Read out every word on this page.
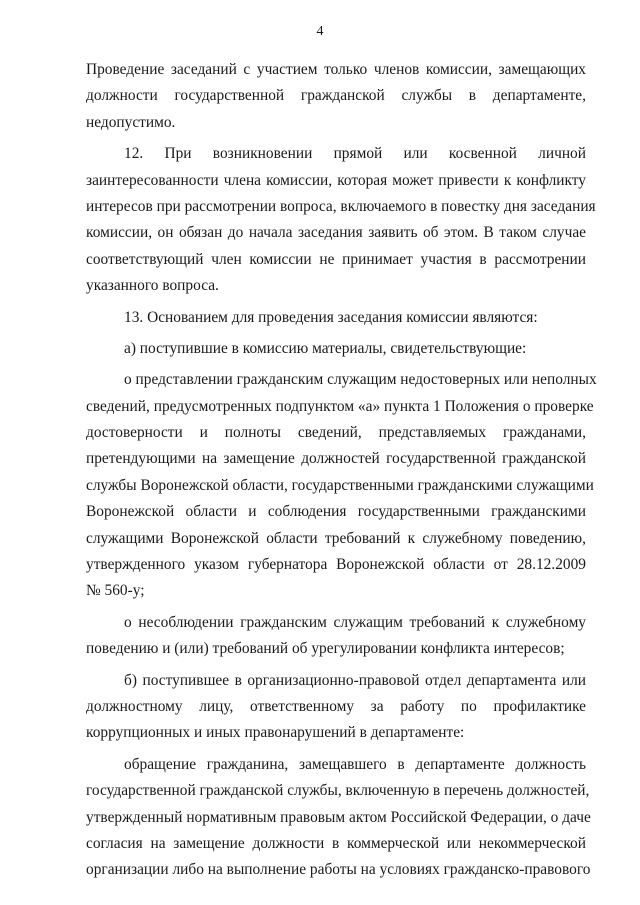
4
Проведение заседаний с участием только членов комиссии, замещающих
должности государственной гражданской службы в департаменте,
недопустимо.
12. При возникновении прямой или косвенной личной
заинтересованности члена комиссии, которая может привести к конфликту
интересов при рассмотрении вопроса, включаемого в повестку дня заседания
комиссии, он обязан до начала заседания заявить об этом. В таком случае
соответствующий член комиссии не принимает участия в рассмотрении
указанного вопроса.
13. Основанием для проведения заседания комиссии являются:
а) поступившие в комиссию материалы, свидетельствующие:
о представлении гражданским служащим недостоверных или неполных
сведений, предусмотренных подпунктом «а» пункта 1 Положения о проверке
достоверности и полноты сведений, представляемых гражданами,
претендующими на замещение должностей государственной гражданской
службы Воронежской области, государственными гражданскими служащими
Воронежской области и соблюдения государственными гражданскими
служащими Воронежской области требований к служебному поведению,
утвержденного указом губернатора Воронежской области от 28.12.2009
№ 560-у;
о несоблюдении гражданским служащим требований к служебному
поведению и (или) требований об урегулировании конфликта интересов;
б) поступившее в организационно-правовой отдел департамента или
должностному лицу, ответственному за работу по профилактике
коррупционных и иных правонарушений в департаменте:
обращение гражданина, замещавшего в департаменте должность
государственной гражданской службы, включенную в перечень должностей,
утвержденный нормативным правовым актом Российской Федерации, о даче
согласия на замещение должности в коммерческой или некоммерческой
организации либо на выполнение работы на условиях гражданско-правового
